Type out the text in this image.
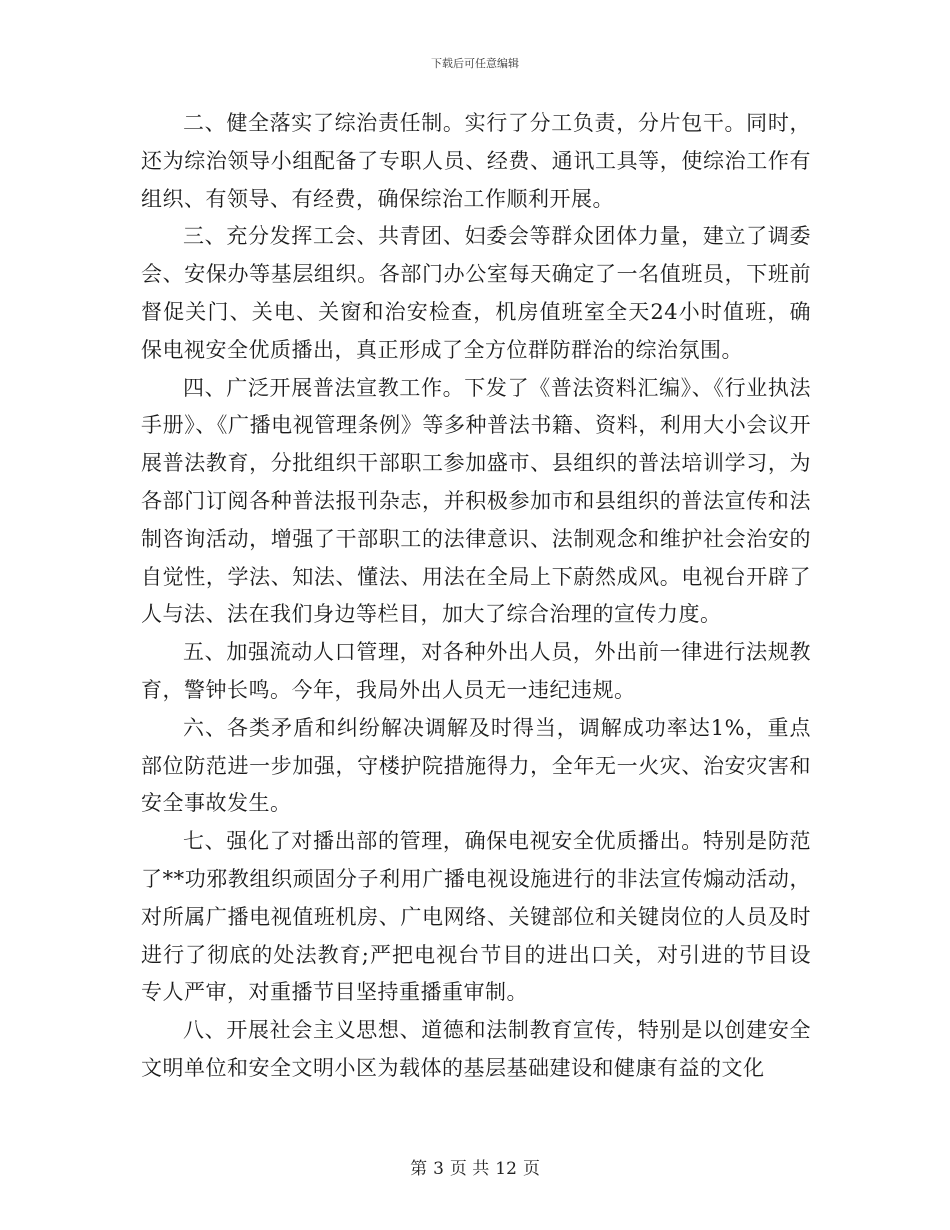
下载后可任意编辑

二、健全落实了综治责任制。实行了分工负责，分片包干。同时，还为综治领导小组配备了专职人员、经费、通讯工具等，使综治工作有组织、有领导、有经费，确保综治工作顺利开展。

三、充分发挥工会、共青团、妇委会等群众团体力量，建立了调委会、安保办等基层组织。各部门办公室每天确定了一名值班员，下班前督促关门、关电、关窗和治安检查，机房值班室全天24小时值班，确保电视安全优质播出，真正形成了全方位群防群治的综治氛围。

四、广泛开展普法宣教工作。下发了《普法资料汇编》、《行业执法手册》、《广播电视管理条例》等多种普法书籍、资料，利用大小会议开展普法教育，分批组织干部职工参加盛市、县组织的普法培训学习，为各部门订阅各种普法报刊杂志，并积极参加市和县组织的普法宣传和法制咨询活动，增强了干部职工的法律意识、法制观念和维护社会治安的自觉性，学法、知法、懂法、用法在全局上下蔚然成风。电视台开辟了人与法、法在我们身边等栏目，加大了综合治理的宣传力度。

五、加强流动人口管理，对各种外出人员，外出前一律进行法规教育，警钟长鸣。今年，我局外出人员无一违纪违规。

六、各类矛盾和纠纷解决调解及时得当，调解成功率达1%，重点部位防范进一步加强，守楼护院措施得力，全年无一火灾、治安灾害和安全事故发生。

七、强化了对播出部的管理，确保电视安全优质播出。特别是防范了**功邪教组织顽固分子利用广播电视设施进行的非法宣传煽动活动，对所属广播电视值班机房、广电网络、关键部位和关键岗位的人员及时进行了彻底的处法教育;严把电视台节目的进出口关，对引进的节目设专人严审，对重播节目坚持重播重审制。

八、开展社会主义思想、道德和法制教育宣传，特别是以创建安全文明单位和安全文明小区为载体的基层基础建设和健康有益的文化

第 3 页 共 12 页
